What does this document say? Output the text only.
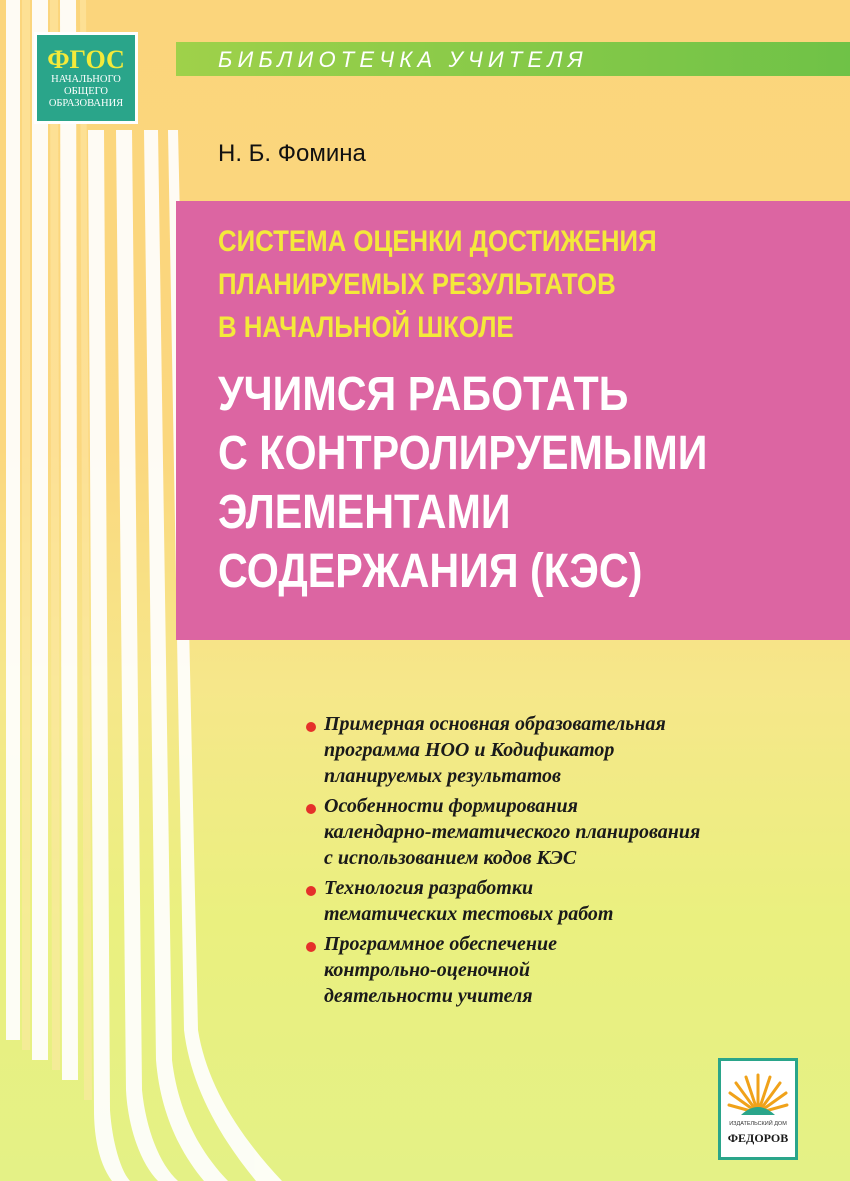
ФГОС
НАЧАЛЬНОГО
ОБЩЕГО
ОБРАЗОВАНИЯ
БИБЛИОТЕЧКА УЧИТЕЛЯ
Н. Б. Фомина
СИСТЕМА ОЦЕНКИ ДОСТИЖЕНИЯ
ПЛАНИРУЕМЫХ РЕЗУЛЬТАТОВ
В НАЧАЛЬНОЙ ШКОЛЕ
УЧИМСЯ РАБОТАТЬ
С КОНТРОЛИРУЕМЫМИ
ЭЛЕМЕНТАМИ
СОДЕРЖАНИЯ (КЭС)
Примерная основная образовательная
программа НОО и Кодификатор
планируемых результатов
Особенности формирования
календарно-тематического планирования
с использованием кодов КЭС
Технология разработки
тематических тестовых работ
Программное обеспечение
контрольно-оценочной
деятельности учителя
ИЗДАТЕЛЬСКИЙ ДОМ
ФЕДОРОВ
